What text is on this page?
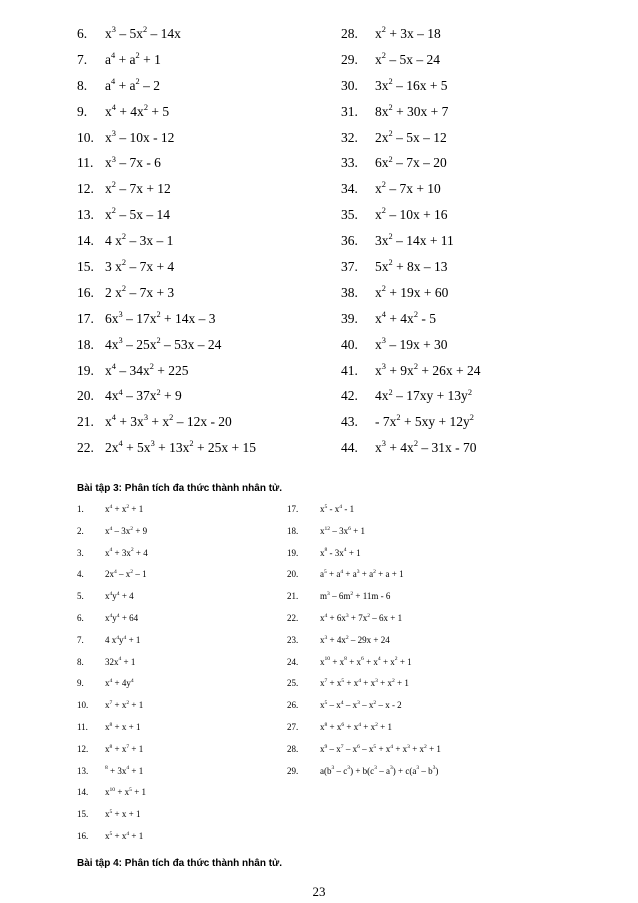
6. $x^3 - 5x^2 - 14x$	28. $x^2 + 3x - 18$
7. $a^4 + a^2 + 1$	29. $x^2 - 5x - 24$
8. $a^4 + a^2 - 2$	30. $3x^2 - 16x + 5$
9. $x^4 + 4x^2 + 5$	31. $8x^2 + 30x + 7$
10. $x^3 - 10x - 12$	32. $2x^2 - 5x - 12$
11. $x^3 - 7x - 6$	33. $6x^2 - 7x - 20$
12. $x^2 - 7x + 12$	34. $x^2 - 7x + 10$
13. $x^2 - 5x - 14$	35. $x^2 - 10x + 16$
14. 4 $x^2 - 3x - 1$	36. $3x^2 - 14x + 11$
15. 3 $x^2 - 7x + 4$	37. $5x^2 + 8x - 13$
16. 2 $x^2 - 7x + 3$	38. $x^2 + 19x + 60$
17. $6x^3 - 17x^2 + 14x - 3$	39. $x^4 + 4x^2 - 5$
18. $4x^3 - 25x^2 - 53x - 24$	40. $x^3 - 19x + 30$
19. $x^4 - 34x^2 + 225$	41. $x^3 + 9x^2 + 26x + 24$
20. $4x^4 - 37x^2 + 9$	42. $4x^2 - 17xy + 13y^2$
21. $x^4 + 3x^3 + x^2 - 12x - 20$	43. - $7x^2 + 5xy + 12y^2$
22. $2x^4 + 5x^3 + 13x^2 + 25x + 15$	44. $x^3 + 4x^2 - 31x - 70$
Bài tập 3: Phân tích đa thức thành nhân tử.
1. $x^4 + x^2 + 1$	17. $x^5 - x^4 - 1$
2. $x^4 - 3x^2 + 9$	18. $x^{12} - 3x^6 + 1$
3. $x^4 + 3x^2 + 4$	19. $x^8 - 3x^4 + 1$
4. $2x^4 - x^2 - 1$	20. $a^5 + a^4 + a^3 + a^2 + a + 1$
5. $x^4y^4 + 4$	21. $m^3 - 6m^2 + 11m - 6$
6. $x^4y^4 + 64$	22. $x^4 + 6x^3 + 7x^2 - 6x + 1$
7. 4 $x^4y^4 + 1$	23. $x^3 + 4x^2 - 29x + 24$
8. $32x^4 + 1$	24. $x^{10} + x^8 + x^6 + x^4 + x^2 + 1$
9. $x^4 + 4y^4$	25. $x^7 + x^5 + x^4 + x^3 + x^2 + 1$
10. $x^7 + x^2 + 1$	26. $x^5 - x^4 - x^3 - x^2$ – x - 2
11. $x^8 + x + 1$	27. $x^8 + x^6 + x^4 + x^2 + 1$
12. $x^8 + x^7 + 1$	28. $x^9 - x^7 - x^6 - x^5 + x^4 + x^3 + x^2 + 1$
13.	$^8 + 3x^4 + 1$	29. $a(b^3 - c^3) + b(c^3 - a^3) + c(a^3 - b^3)$
14. $x^{10} + x^5 + 1$
15. $x^5 + x + 1$
16. $x^5 + x^4 + 1$
Bài tập 4: Phân tích đa thức thành nhân tử.
23
